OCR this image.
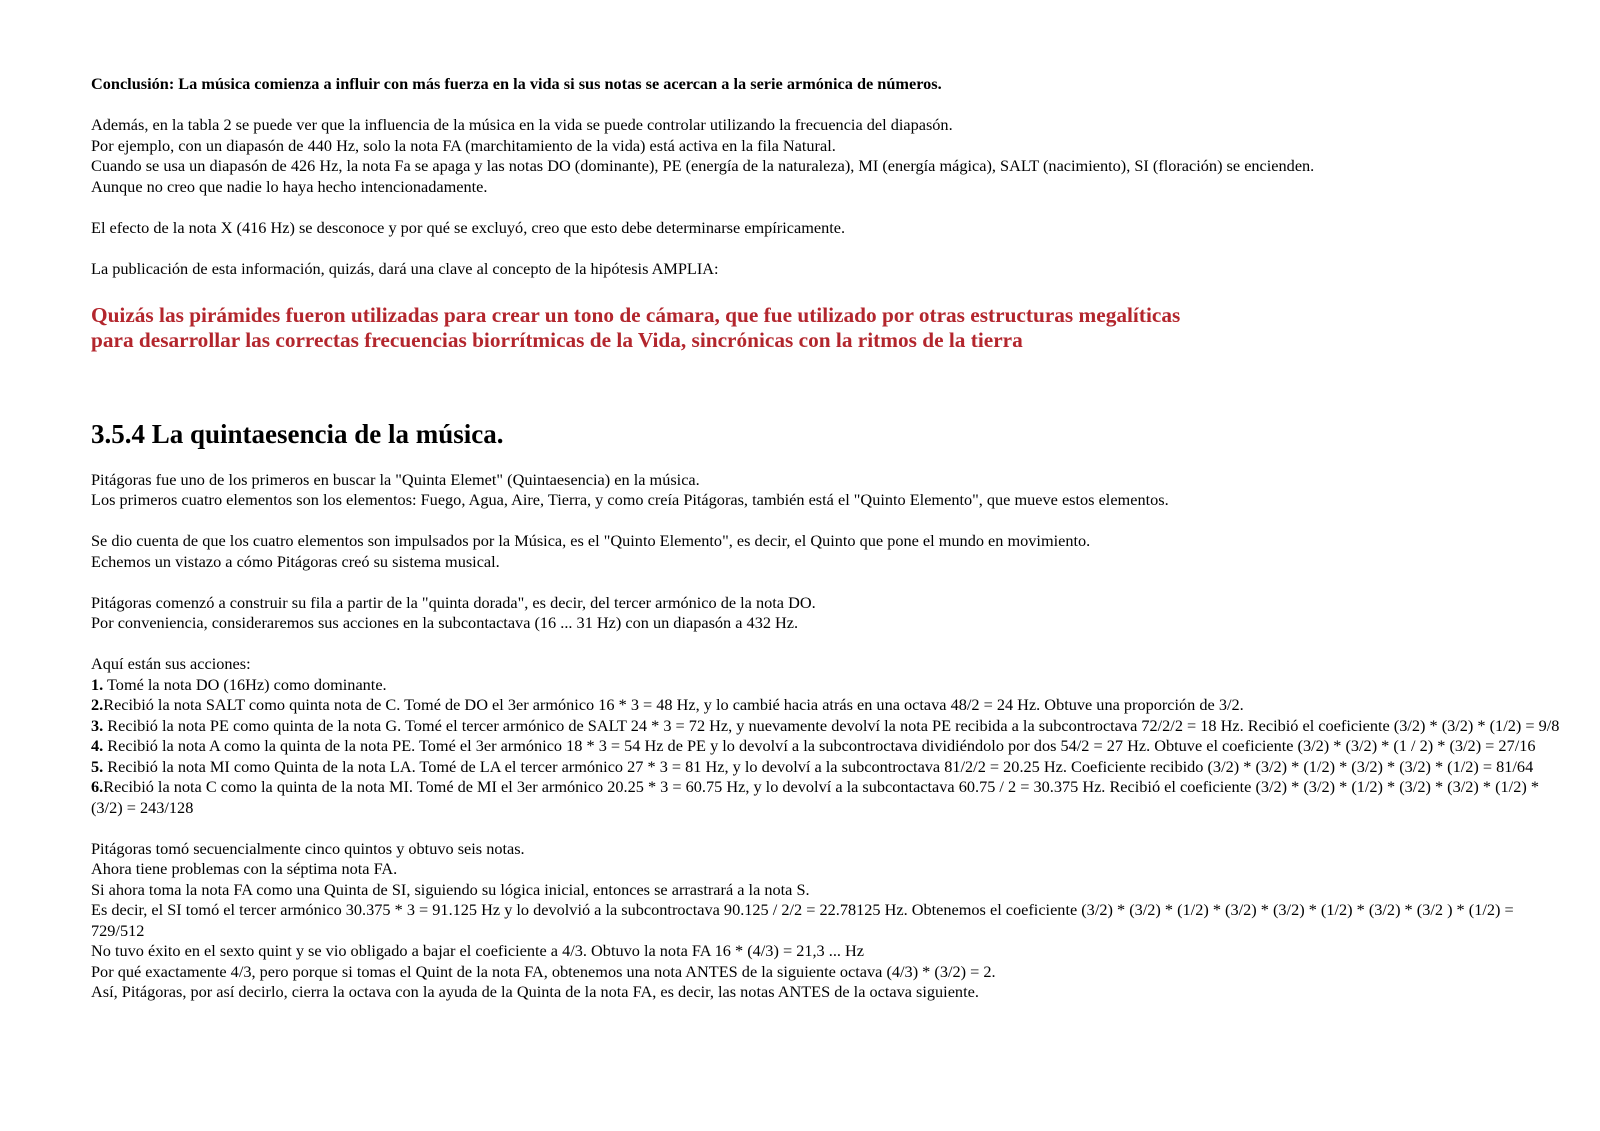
Conclusión: La música comienza a influir con más fuerza en la vida si sus notas se acercan a la serie armónica de números.
Además, en la tabla 2 se puede ver que la influencia de la música en la vida se puede controlar utilizando la frecuencia del diapasón.
Por ejemplo, con un diapasón de 440 Hz, solo la nota FA (marchitamiento de la vida) está activa en la fila Natural.
Cuando se usa un diapasón de 426 Hz, la nota Fa se apaga y las notas DO (dominante), PE (energía de la naturaleza), MI (energía mágica), SALT (nacimiento), SI (floración) se encienden.
Aunque no creo que nadie lo haya hecho intencionadamente.
El efecto de la nota X (416 Hz) se desconoce y por qué se excluyó, creo que esto debe determinarse empíricamente.
La publicación de esta información, quizás, dará una clave al concepto de la hipótesis AMPLIA:
Quizás las pirámides fueron utilizadas para crear un tono de cámara, que fue utilizado por otras estructuras megalíticas
para desarrollar las correctas frecuencias biorrítmicas de la Vida, sincrónicas con la ritmos de la tierra
3.5.4 La quintaesencia de la música.
Pitágoras fue uno de los primeros en buscar la "Quinta Elemet" (Quintaesencia) en la música.
Los primeros cuatro elementos son los elementos: Fuego, Agua, Aire, Tierra, y como creía Pitágoras, también está el "Quinto Elemento", que mueve estos elementos.
Se dio cuenta de que los cuatro elementos son impulsados por la Música, es el "Quinto Elemento", es decir, el Quinto que pone el mundo en movimiento.
Echemos un vistazo a cómo Pitágoras creó su sistema musical.
Pitágoras comenzó a construir su fila a partir de la "quinta dorada", es decir, del tercer armónico de la nota DO.
Por conveniencia, consideraremos sus acciones en la subcontactava (16 ... 31 Hz) con un diapasón a 432 Hz.
Aquí están sus acciones:
1. Tomé la nota DO (16Hz) como dominante.
2.Recibió la nota SALT como quinta nota de C. Tomé de DO el 3er armónico 16 * 3 = 48 Hz, y lo cambié hacia atrás en una octava 48/2 = 24 Hz. Obtuve una proporción de 3/2.
3. Recibió la nota PE como quinta de la nota G. Tomé el tercer armónico de SALT 24 * 3 = 72 Hz, y nuevamente devolví la nota PE recibida a la subcontroctava 72/2/2 = 18 Hz. Recibió el coeficiente (3/2) * (3/2) * (1/2) = 9/8
4. Recibió la nota A como la quinta de la nota PE. Tomé el 3er armónico 18 * 3 = 54 Hz de PE y lo devolví a la subcontroctava dividiéndolo por dos 54/2 = 27 Hz. Obtuve el coeficiente (3/2) * (3/2) * (1 / 2) * (3/2) = 27/16
5. Recibió la nota MI como Quinta de la nota LA. Tomé de LA el tercer armónico 27 * 3 = 81 Hz, y lo devolví a la subcontroctava 81/2/2 = 20.25 Hz. Coeficiente recibido (3/2) * (3/2) * (1/2) * (3/2) * (3/2) * (1/2) = 81/64
6.Recibió la nota C como la quinta de la nota MI. Tomé de MI el 3er armónico 20.25 * 3 = 60.75 Hz, y lo devolví a la subcontactava 60.75 / 2 = 30.375 Hz. Recibió el coeficiente (3/2) * (3/2) * (1/2) * (3/2) * (3/2) * (1/2) * (3/2) = 243/128
Pitágoras tomó secuencialmente cinco quintos y obtuvo seis notas.
Ahora tiene problemas con la séptima nota FA.
Si ahora toma la nota FA como una Quinta de SI, siguiendo su lógica inicial, entonces se arrastrará a la nota S.
Es decir, el SI tomó el tercer armónico 30.375 * 3 = 91.125 Hz y lo devolvió a la subcontroctava 90.125 / 2/2 = 22.78125 Hz. Obtenemos el coeficiente (3/2) * (3/2) * (1/2) * (3/2) * (3/2) * (1/2) * (3/2) * (3/2 ) * (1/2) = 729/512
No tuvo éxito en el sexto quint y se vio obligado a bajar el coeficiente a 4/3. Obtuvo la nota FA 16 * (4/3) = 21,3 ... Hz
Por qué exactamente 4/3, pero porque si tomas el Quint de la nota FA, obtenemos una nota ANTES de la siguiente octava (4/3) * (3/2) = 2.
Así, Pitágoras, por así decirlo, cierra la octava con la ayuda de la Quinta de la nota FA, es decir, las notas ANTES de la octava siguiente.
